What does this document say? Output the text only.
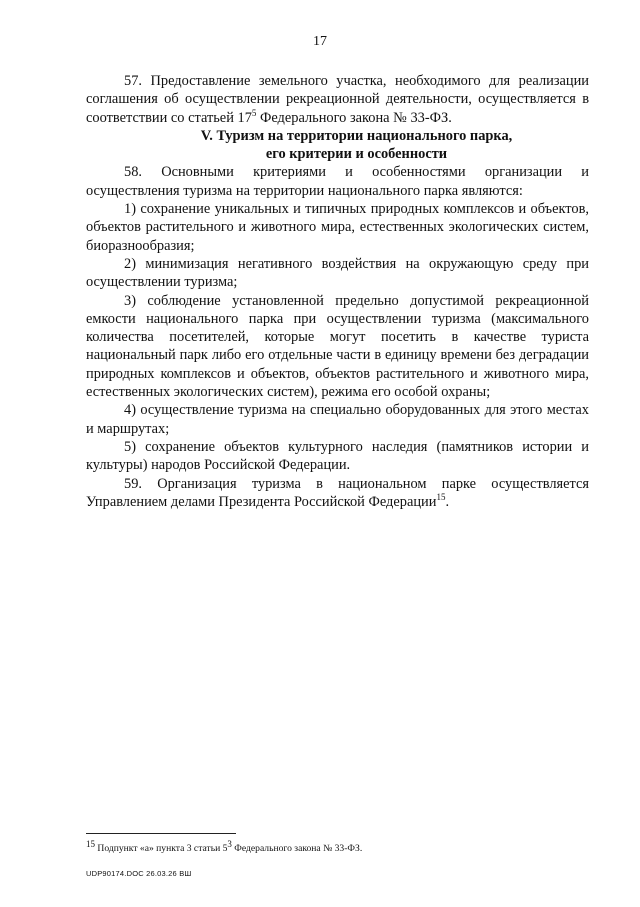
17

57. Предоставление земельного участка, необходимого для реализации соглашения об осуществлении рекреационной деятельности, осуществляется в соответствии со статьей $17^5$ Федерального закона № 33-ФЗ.

V. Туризм на территории национального парка,
его критерии и особенности

58. Основными критериями и особенностями организации и осуществления туризма на территории национального парка являются:

1) сохранение уникальных и типичных природных комплексов и объектов, объектов растительного и животного мира, естественных экологических систем, биоразнообразия;

2) минимизация негативного воздействия на окружающую среду при осуществлении туризма;

3) соблюдение установленной предельно допустимой рекреационной емкости национального парка при осуществлении туризма (максимального количества посетителей, которые могут посетить в качестве туриста национальный парк либо его отдельные части в единицу времени без деградации природных комплексов и объектов, объектов растительного и животного мира, естественных экологических систем), режима его особой охраны;

4) осуществление туризма на специально оборудованных для этого местах и маршрутах;

5) сохранение объектов культурного наследия (памятников истории и культуры) народов Российской Федерации.

59. Организация туризма в национальном парке осуществляется Управлением делами Президента Российской Федерации$^{15}$.

$^{15}$ Подпункт «а» пункта 3 статьи $5^3$ Федерального закона № 33-ФЗ.
UDP90174.DOC 26.03.26 ВШ
